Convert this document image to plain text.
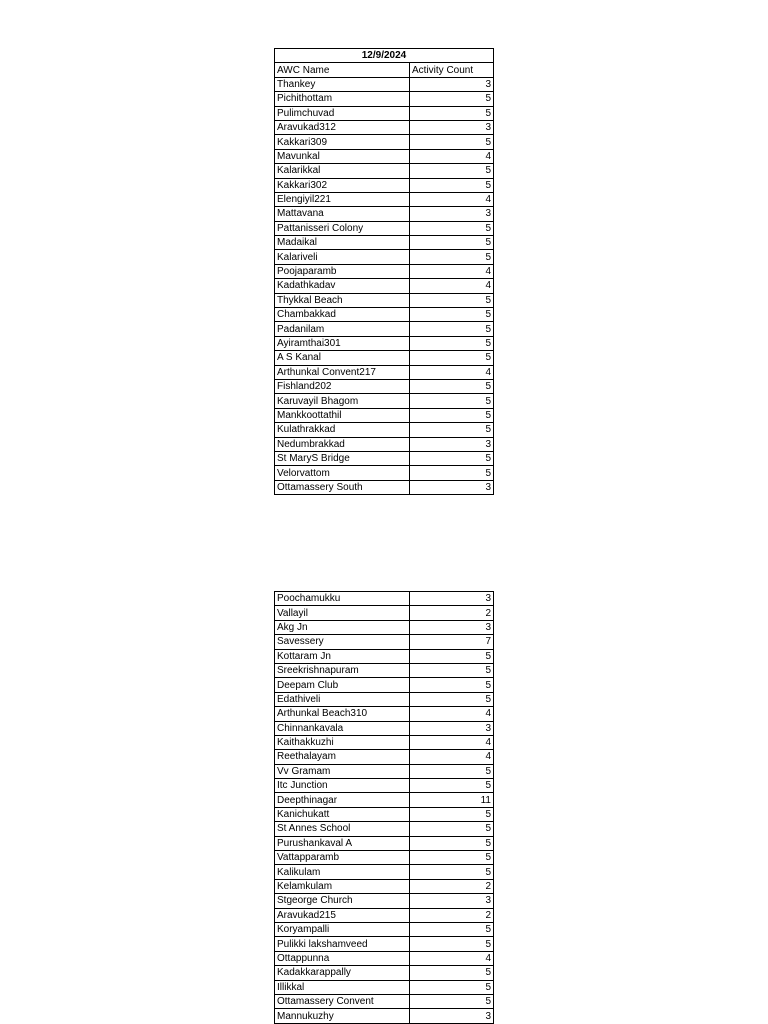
12/9/2024	
AWC Name	Activity Count
Thankey	3
Pichithottam	5
Pulimchuvad	5
Aravukad312	3
Kakkari309	5
Mavunkal	4
Kalarikkal	5
Kakkari302	5
Elengiyil221	4
Mattavana	3
Pattanisseri Colony	5
Madaikal	5
Kalariveli	5
Poojaparamb	4
Kadathkadav	4
Thykkal Beach	5
Chambakkad	5
Padanilam	5
Ayiramthai301	5
A S Kanal	5
Arthunkal Convent217	4
Fishland202	5
Karuvayil Bhagom	5
Mankkoottathil	5
Kulathrakkad	5
Nedumbrakkad	3
St MaryS Bridge	5
Velorvattom	5
Ottamassery South	3
Poochamukku	3
Vallayil	2
Akg Jn	3
Savessery	7
Kottaram Jn	5
Sreekrishnapuram	5
Deepam Club	5
Edathiveli	5
Arthunkal Beach310	4
Chinnankavala	3
Kaithakkuzhi	4
Reethalayam	4
Vv Gramam	5
Itc Junction	5
Deepthinagar	11
Kanichukatt	5
St Annes School	5
Purushankaval A	5
Vattapparamb	5
Kalikulam	5
Kelamkulam	2
Stgeorge Church	3
Aravukad215	2
Koryampalli	5
Pulikki lakshamveed	5
Ottappunna	4
Kadakkarappally	5
Illikkal	5
Ottamassery Convent	5
Mannukuzhy	3
